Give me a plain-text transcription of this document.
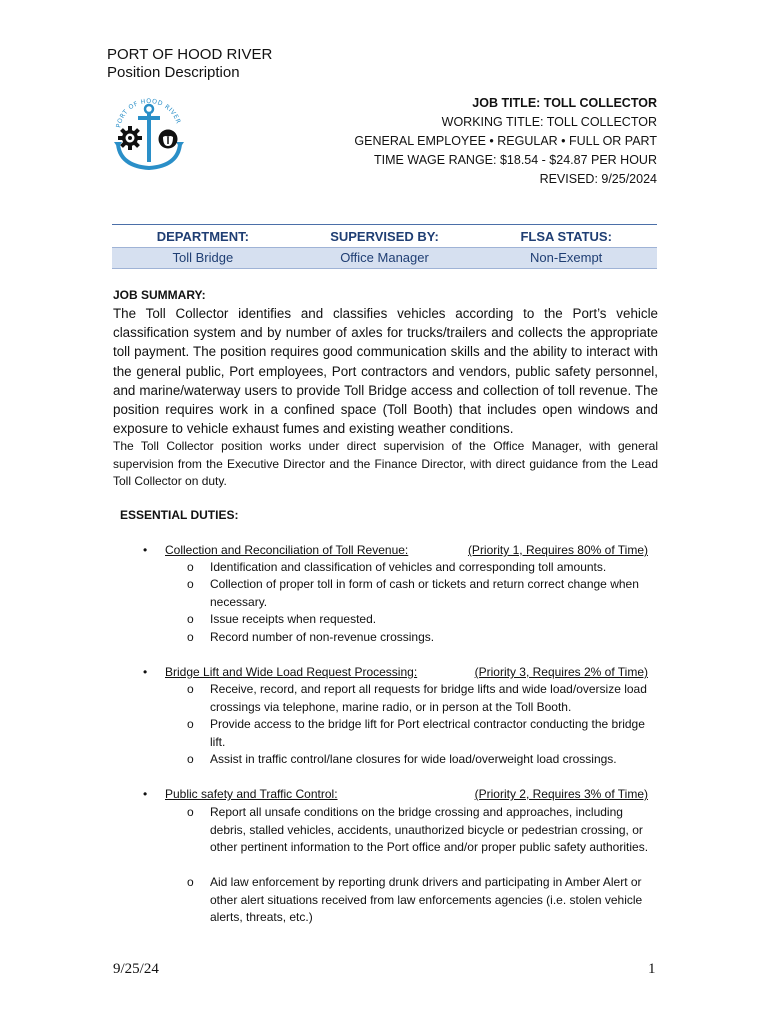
PORT OF HOOD RIVER
Position Description
PORT OF HOOD RIVER
JOB TITLE: TOLL COLLECTOR
WORKING TITLE: TOLL COLLECTOR
GENERAL EMPLOYEE • REGULAR • FULL OR PART
TIME WAGE RANGE: $18.54 - $24.87 PER HOUR
REVISED: 9/25/2024
DEPARTMENT:	SUPERVISED BY:	FLSA STATUS:
Toll Bridge	Office Manager	Non-Exempt
JOB SUMMARY:
The Toll Collector identifies and classifies vehicles according to the Port’s vehicle classification system and by number of axles for trucks/trailers and collects the appropriate toll payment. The position requires good communication skills and the ability to interact with the general public, Port employees, Port contractors and vendors, public safety personnel, and marine/waterway users to provide Toll Bridge access and collection of toll revenue. The position requires work in a confined space (Toll Booth) that includes open windows and exposure to vehicle exhaust fumes and existing weather conditions.
The Toll Collector position works under direct supervision of the Office Manager, with general supervision from the Executive Director and the Finance Director, with direct guidance from the Lead Toll Collector on duty.
ESSENTIAL DUTIES:
• Collection and Reconciliation of Toll Revenue:	(Priority 1, Requires 80% of Time)
o Identification and classification of vehicles and corresponding toll amounts.
o Collection of proper toll in form of cash or tickets and return correct change when necessary.
o Issue receipts when requested.
o Record number of non-revenue crossings.
• Bridge Lift and Wide Load Request Processing:	(Priority 3, Requires 2% of Time)
o Receive, record, and report all requests for bridge lifts and wide load/oversize load crossings via telephone, marine radio, or in person at the Toll Booth.
o Provide access to the bridge lift for Port electrical contractor conducting the bridge lift.
o Assist in traffic control/lane closures for wide load/overweight load crossings.
• Public safety and Traffic Control:	(Priority 2, Requires 3% of Time)
o Report all unsafe conditions on the bridge crossing and approaches, including debris, stalled vehicles, accidents, unauthorized bicycle or pedestrian crossing, or other pertinent information to the Port office and/or proper public safety authorities.
o Aid law enforcement by reporting drunk drivers and participating in Amber Alert or other alert situations received from law enforcements agencies (i.e. stolen vehicle alerts, threats, etc.)
9/25/24	1
